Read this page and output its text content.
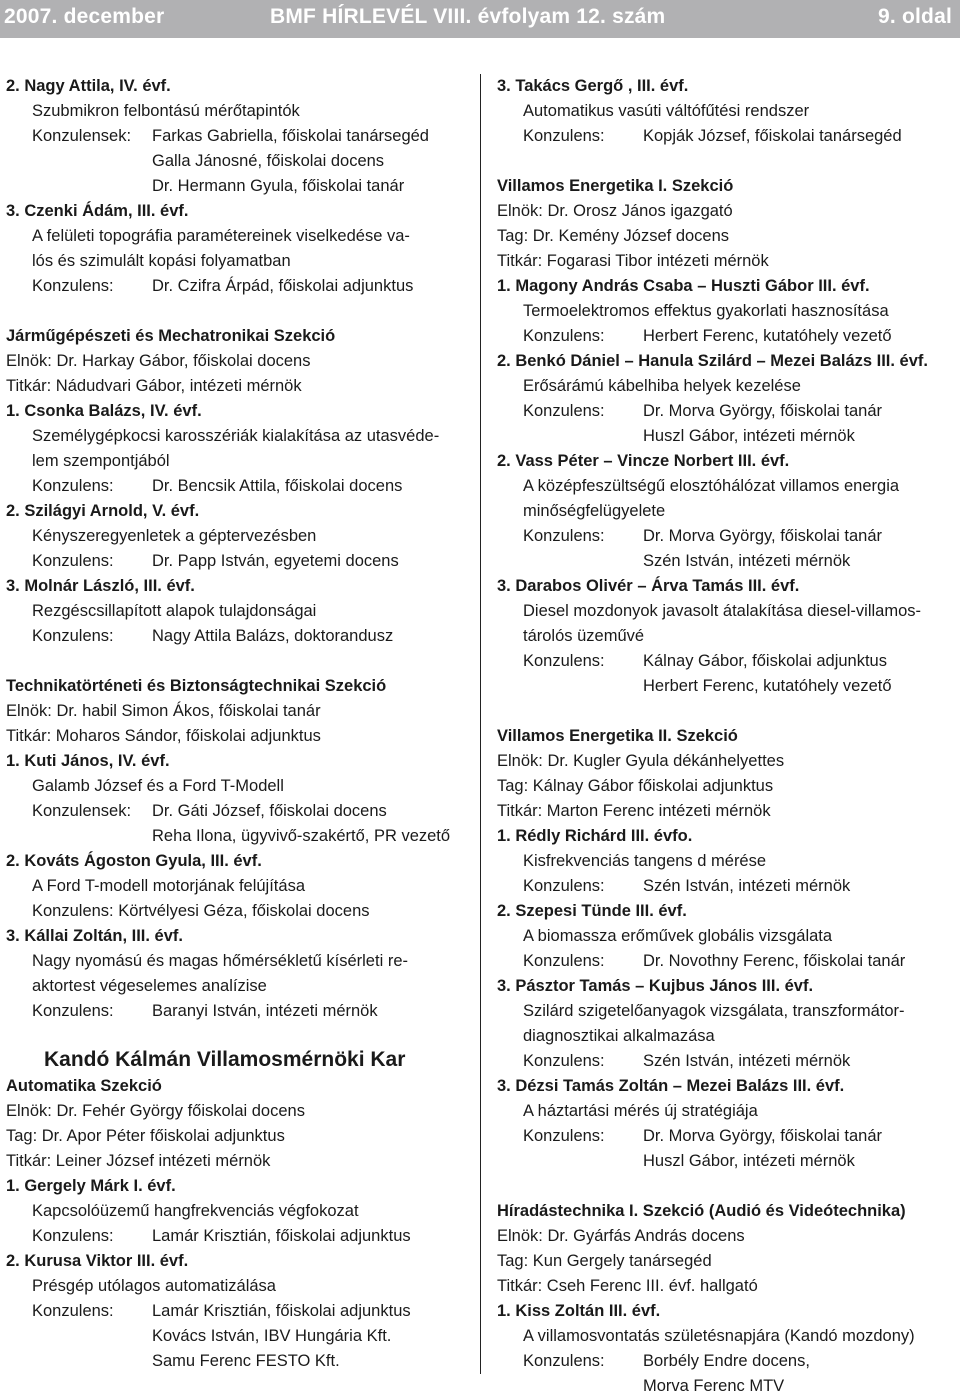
2007. december	BMF HÍRLEVÉL VIII. évfolyam 12. szám	9. oldal
2. Nagy Attila, IV. évf.
Szubmikron felbontású mérőtapintók
Konzulensek: Farkas Gabriella, főiskolai tanársegéd
Galla Jánosné, főiskolai docens
Dr. Hermann Gyula, főiskolai tanár
3. Czenki Ádám, III. évf.
A felületi topográfia paramétereinek viselkedése va-
lós és szimulált kopási folyamatban
Konzulens: Dr. Czifra Árpád, főiskolai adjunktus
Járműgépészeti és Mechatronikai Szekció
Elnök: Dr. Harkay Gábor, főiskolai docens
Titkár: Nádudvari Gábor, intézeti mérnök
1. Csonka Balázs, IV. évf.
Személygépkocsi karosszériák kialakítása az utasvéde-
lem szempontjából
Konzulens: Dr. Bencsik Attila, főiskolai docens
2. Szilágyi Arnold, V. évf.
Kényszeregyenletek a géptervezésben
Konzulens: Dr. Papp István, egyetemi docens
3. Molnár László, III. évf.
Rezgéscsillapított alapok tulajdonságai
Konzulens: Nagy Attila Balázs, doktorandusz
Technikatörténeti és Biztonságtechnikai Szekció
Elnök: Dr. habil Simon Ákos, főiskolai tanár
Titkár: Moharos Sándor, főiskolai adjunktus
1. Kuti János, IV. évf.
Galamb József és a Ford T-Modell
Konzulensek: Dr. Gáti József, főiskolai docens
Reha Ilona, ügyvivő-szakértő, PR vezető
2. Kováts Ágoston Gyula, III. évf.
A Ford T-modell motorjának felújítása
Konzulens: Körtvélyesi Géza, főiskolai docens
3. Kállai Zoltán, III. évf.
Nagy nyomású és magas hőmérsékletű kísérleti re-
aktortest végeselemes analízise
Konzulens: Baranyi István, intézeti mérnök
Kandó Kálmán Villamosmérnöki Kar
Automatika Szekció
Elnök: Dr. Fehér György főiskolai docens
Tag: Dr. Apor Péter főiskolai adjunktus
Titkár: Leiner József intézeti mérnök
1. Gergely Márk I. évf.
Kapcsolóüzemű hangfrekvenciás végfokozat
Konzulens: Lamár Krisztián, főiskolai adjunktus
2. Kurusa Viktor III. évf.
Présgép utólagos automatizálása
Konzulens: Lamár Krisztián, főiskolai adjunktus
Kovács István, IBV Hungária Kft.
Samu Ferenc FESTO Kft.
3. Takács Gergő , III. évf.
Automatikus vasúti váltófűtési rendszer
Konzulens: Kopják József, főiskolai tanársegéd
Villamos Energetika I. Szekció
Elnök: Dr. Orosz János igazgató
Tag: Dr. Kemény József docens
Titkár: Fogarasi Tibor intézeti mérnök
1. Magony András Csaba – Huszti Gábor III. évf.
Termoelektromos effektus gyakorlati hasznosítása
Konzulens: Herbert Ferenc, kutatóhely vezető
2. Benkó Dániel – Hanula Szilárd – Mezei Balázs III. évf.
Erősárámú kábelhiba helyek kezelése
Konzulens: Dr. Morva György, főiskolai tanár
Huszl Gábor, intézeti mérnök
2. Vass Péter – Vincze Norbert III. évf.
A középfeszültségű elosztóhálózat villamos energia
minőségfelügyelete
Konzulens: Dr. Morva György, főiskolai tanár
Szén István, intézeti mérnök
3. Darabos Olivér – Árva Tamás III. évf.
Diesel mozdonyok javasolt átalakítása diesel-villamos-
tárolós üzeművé
Konzulens: Kálnay Gábor, főiskolai adjunktus
Herbert Ferenc, kutatóhely vezető
Villamos Energetika II. Szekció
Elnök: Dr. Kugler Gyula dékánhelyettes
Tag: Kálnay Gábor főiskolai adjunktus
Titkár: Marton Ferenc intézeti mérnök
1. Rédly Richárd III. évfo.
Kisfrekvenciás tangens d mérése
Konzulens: Szén István, intézeti mérnök
2. Szepesi Tünde III. évf.
A biomassza erőművek globális vizsgálata
Konzulens: Dr. Novothny Ferenc, főiskolai tanár
3. Pásztor Tamás – Kujbus János III. évf.
Szilárd szigetelőanyagok vizsgálata, transzformátor-
diagnosztikai alkalmazása
Konzulens: Szén István, intézeti mérnök
3. Dézsi Tamás Zoltán – Mezei Balázs III. évf.
A háztartási mérés új stratégiája
Konzulens: Dr. Morva György, főiskolai tanár
Huszl Gábor, intézeti mérnök
Híradástechnika I. Szekció (Audió és Videótechnika)
Elnök: Dr. Gyárfás András docens
Tag: Kun Gergely tanársegéd
Titkár: Cseh Ferenc III. évf. hallgató
1. Kiss Zoltán III. évf.
A villamosvontatás születésnapjára (Kandó mozdony)
Konzulens: Borbély Endre docens,
Morva Ferenc MTV
